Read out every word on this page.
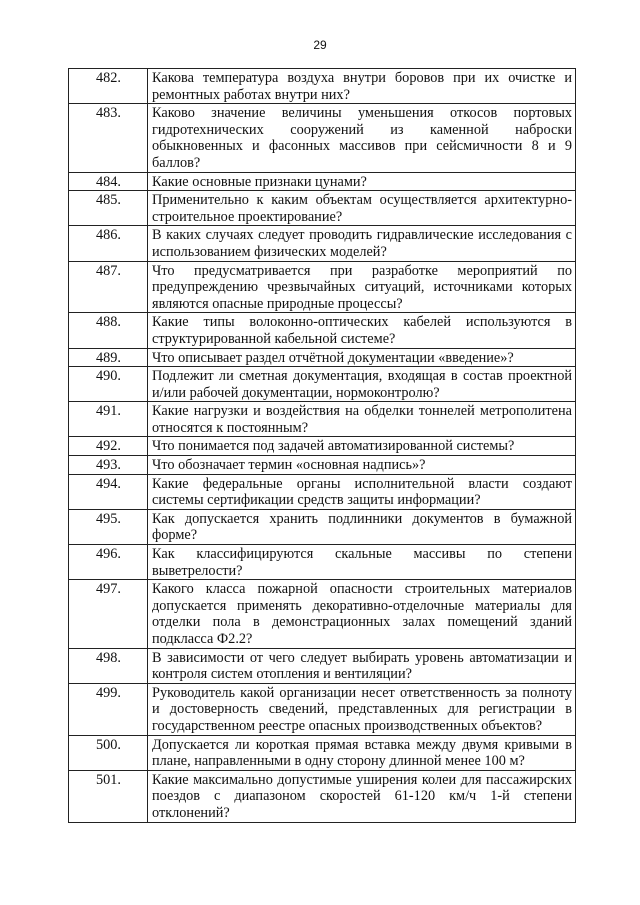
29
482.	Какова температура воздуха внутри боровов при их очистке и ремонтных работах внутри них?
483.	Каково значение величины уменьшения откосов портовых гидротехнических сооружений из каменной наброски обыкновенных и фасонных массивов при сейсмичности 8 и 9 баллов?
484.	Какие основные признаки цунами?
485.	Применительно к каким объектам осуществляется архитектурно-строительное проектирование?
486.	В каких случаях следует проводить гидравлические исследования с использованием физических моделей?
487.	Что предусматривается при разработке мероприятий по предупреждению чрезвычайных ситуаций, источниками которых являются опасные природные процессы?
488.	Какие типы волоконно-оптических кабелей используются в структурированной кабельной системе?
489.	Что описывает раздел отчётной документации «введение»?
490.	Подлежит ли сметная документация, входящая в состав проектной и/или рабочей документации, нормоконтролю?
491.	Какие нагрузки и воздействия на обделки тоннелей метрополитена относятся к постоянным?
492.	Что понимается под задачей автоматизированной системы?
493.	Что обозначает термин «основная надпись»?
494.	Какие федеральные органы исполнительной власти создают системы сертификации средств защиты информации?
495.	Как допускается хранить подлинники документов в бумажной форме?
496.	Как классифицируются скальные массивы по степени выветрелости?
497.	Какого класса пожарной опасности строительных материалов допускается применять декоративно-отделочные материалы для отделки пола в демонстрационных залах помещений зданий подкласса Ф2.2?
498.	В зависимости от чего следует выбирать уровень автоматизации и контроля систем отопления и вентиляции?
499.	Руководитель какой организации несет ответственность за полноту и достоверность сведений, представленных для регистрации в государственном реестре опасных производственных объектов?
500.	Допускается ли короткая прямая вставка между двумя кривыми в плане, направленными в одну сторону длинной менее 100 м?
501.	Какие максимально допустимые уширения колеи для пассажирских поездов с диапазоном скоростей 61-120 км/ч 1-й степени отклонений?
